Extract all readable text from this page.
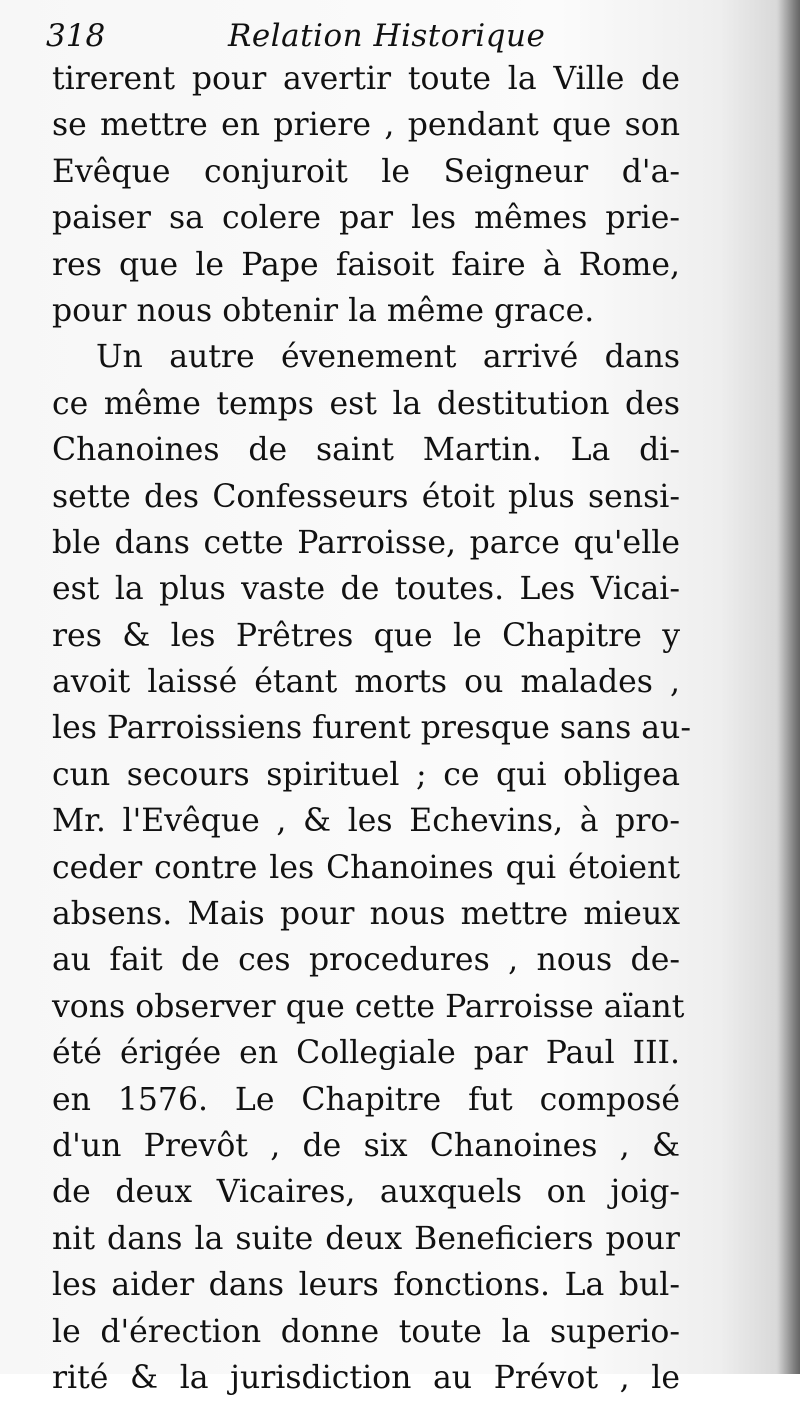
318	Relation Historique
tirerent pour avertir toute la Ville de
se mettre en priere , pendant que son
Evêque conjuroit le Seigneur d'a-
paiser sa colere par les mêmes prie-
res que le Pape faisoit faire à Rome,
pour nous obtenir la même grace.
Un autre évenement arrivé dans
ce même temps est la destitution des
Chanoines de saint Martin. La di-
sette des Confesseurs étoit plus sensi-
ble dans cette Parroisse, parce qu'elle
est la plus vaste de toutes. Les Vicai-
res & les Prêtres que le Chapitre y
avoit laissé étant morts ou malades ,
les Parroissiens furent presque sans au-
cun secours spirituel ; ce qui obligea
Mr. l'Evêque , & les Echevins, à pro-
ceder contre les Chanoines qui étoient
absens. Mais pour nous mettre mieux
au fait de ces procedures , nous de-
vons observer que cette Parroisse aïant
été érigée en Collegiale par Paul III.
en 1576. Le Chapitre fut composé
d'un Prevôt , de six Chanoines , &
de deux Vicaires, auxquels on joig-
nit dans la suite deux Beneficiers pour
les aider dans leurs fonctions. La bul-
le d'érection donne toute la superio-
rité & la jurisdiction au Prévot , le
